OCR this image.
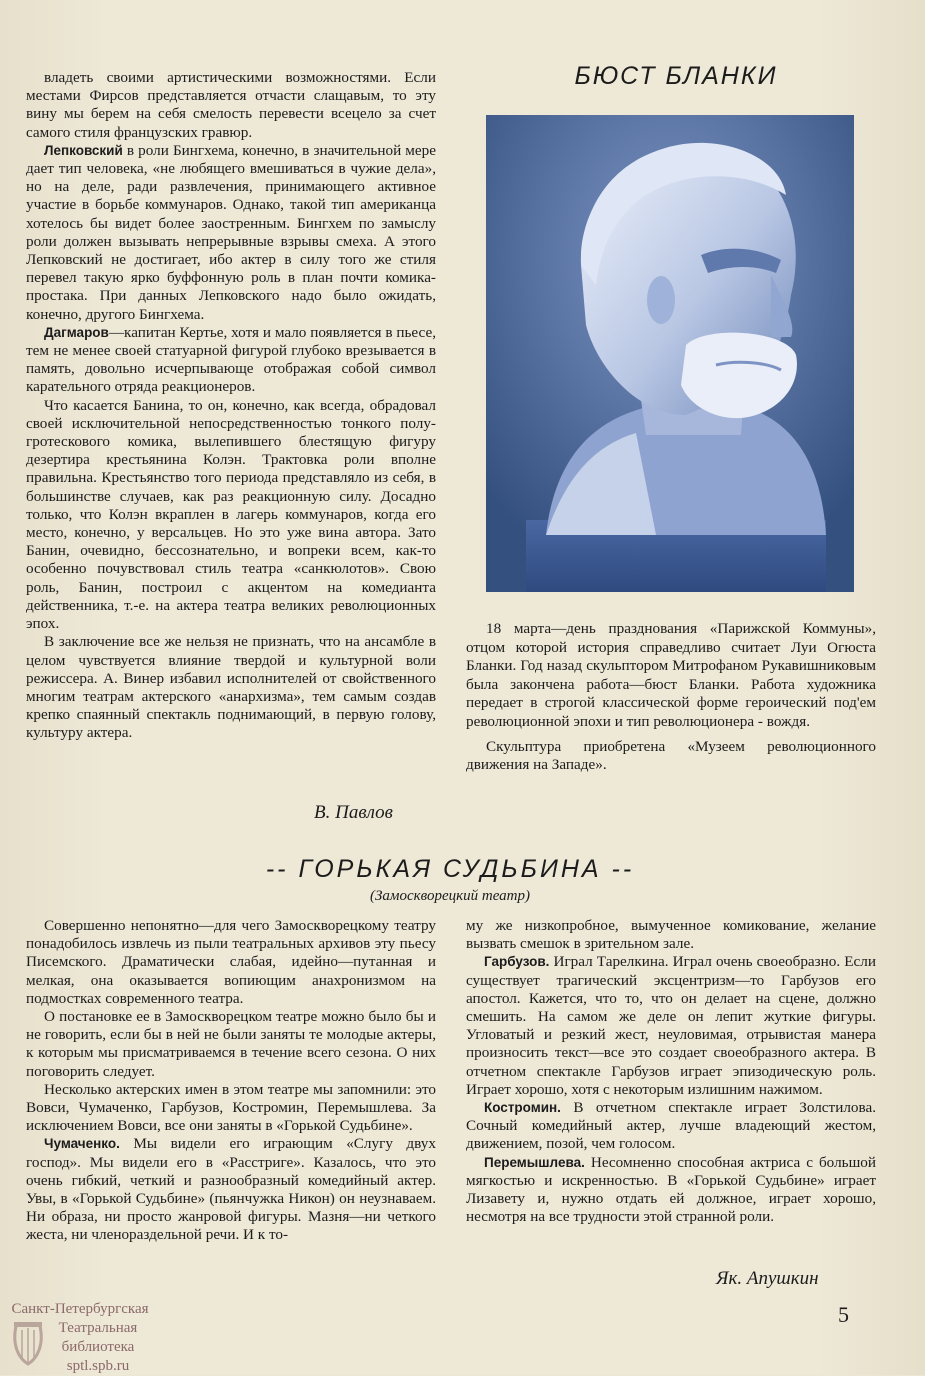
владеть своими артистическими возможностями. Если местами Фирсов представляется отчасти слащавым, то эту вину мы берем на себя смелость перевести всецело за счет самого стиля французских гравюр.

Лепковский в роли Бингхема, конечно, в значительной мере дает тип человека, «не любящего вмешиваться в чужие дела», но на деле, ради развлечения, принимающего активное участие в борьбе коммунаров. Однако, такой тип американца хотелось бы видет более заостренным. Бингхем по замыслу роли должен вызывать непрерывные взрывы смеха. А этого Лепковский не достигает, ибо актер в силу того же стиля перевел такую ярко буффонную роль в план почти комика-простака. При данных Лепковского надо было ожидать, конечно, другого Бингхема.

Дагмаров—капитан Кертье, хотя и мало появляется в пьесе, тем не менее своей статуарной фигурой глубоко врезывается в память, довольно исчерпывающе отображая собой символ карательного отряда реакционеров.

Что касается Банина, то он, конечно, как всегда, обрадовал своей исключительной непосредственностью тонкого полу-гротескового комика, вылепившего блестящую фигуру дезертира крестьянина Колэн. Трактовка роли вполне правильна. Крестьянство того периода представляло из себя, в большинстве случаев, как раз реакционную силу. Досадно только, что Колэн вкраплен в лагерь коммунаров, когда его место, конечно, у версальцев. Но это уже вина автора. Зато Банин, очевидно, бессознательно, и вопреки всем, как-то особенно почувствовал стиль театра «санкюлотов». Свою роль, Банин, построил с акцентом на комедианта действенника, т.-е. на актера театра великих революционных эпох.

В заключение все же нельзя не признать, что на ансамбле в целом чувствуется влияние твердой и культурной воли режиссера. А. Винер избавил исполнителей от свойственного многим театрам актерского «анархизма», тем самым создав крепко спаянный спектакль поднимающий, в первую голову, культуру актера.

В. Павлов
БЮСТ БЛАНКИ

18 марта—день празднования «Парижской Коммуны», отцом которой история справедливо считает Луи Огюста Бланки. Год назад скульптором Митрофаном Рукавишниковым была закончена работа—бюст Бланки. Работа художника передает в строгой классической форме героический под'ем революционной эпохи и тип революционера - вождя.

Скульптура приобретена «Музеем революционного движения на Западе».

-- ГОРЬКАЯ СУДЬБИНА --
(Замоскворецкий театр)

Совершенно непонятно—для чего Замоскворецкому театру понадобилось извлечь из пыли театральных архивов эту пьесу Писемского. Драматически слабая, идейно—путанная и мелкая, она оказывается вопиющим анахронизмом на подмостках современного театра.

О постановке ее в Замоскворецком театре можно было бы и не говорить, если бы в ней не были заняты те молодые актеры, к которым мы присматриваемся в течение всего сезона. О них поговорить следует.

Несколько актерских имен в этом театре мы запомнили: это Вовси, Чумаченко, Гарбузов, Костромин, Перемышлева. За исключением Вовси, все они заняты в «Горькой Судьбине».

Чумаченко. Мы видели его играющим «Слугу двух господ». Мы видели его в «Расстриге». Казалось, что это очень гибкий, четкий и разнообразный комедийный актер. Увы, в «Горькой Судьбине» (пьянчужка Никон) он неузнаваем. Ни образа, ни просто жанровой фигуры. Мазня—ни четкого жеста, ни членораздельной речи. И к то-

му же низкопробное, вымученное комикование, желание вызвать смешок в зрительном зале.

Гарбузов. Играл Тарелкина. Играл очень своеобразно. Если существует трагический эксцентризм—то Гарбузов его апостол. Кажется, что то, что он делает на сцене, должно смешить. На самом же деле он лепит жуткие фигуры. Угловатый и резкий жест, неуловимая, отрывистая манера произносить текст—все это создает своеобразного актера. В отчетном спектакле Гарбузов играет эпизодическую роль. Играет хорошо, хотя с некоторым излишним нажимом.

Костромин. В отчетном спектакле играет Золстилова. Сочный комедийный актер, лучше владеющий жестом, движением, позой, чем голосом.

Перемышлева. Несомненно способная актриса с большой мягкостью и искренностью. В «Горькой Судьбине» играет Лизавету и, нужно отдать ей должное, играет хорошо, несмотря на все трудности этой странной роли.

Як. Апушкин
Санкт-Петербургская
Театральная
библиотека
sptl.spb.ru
5
